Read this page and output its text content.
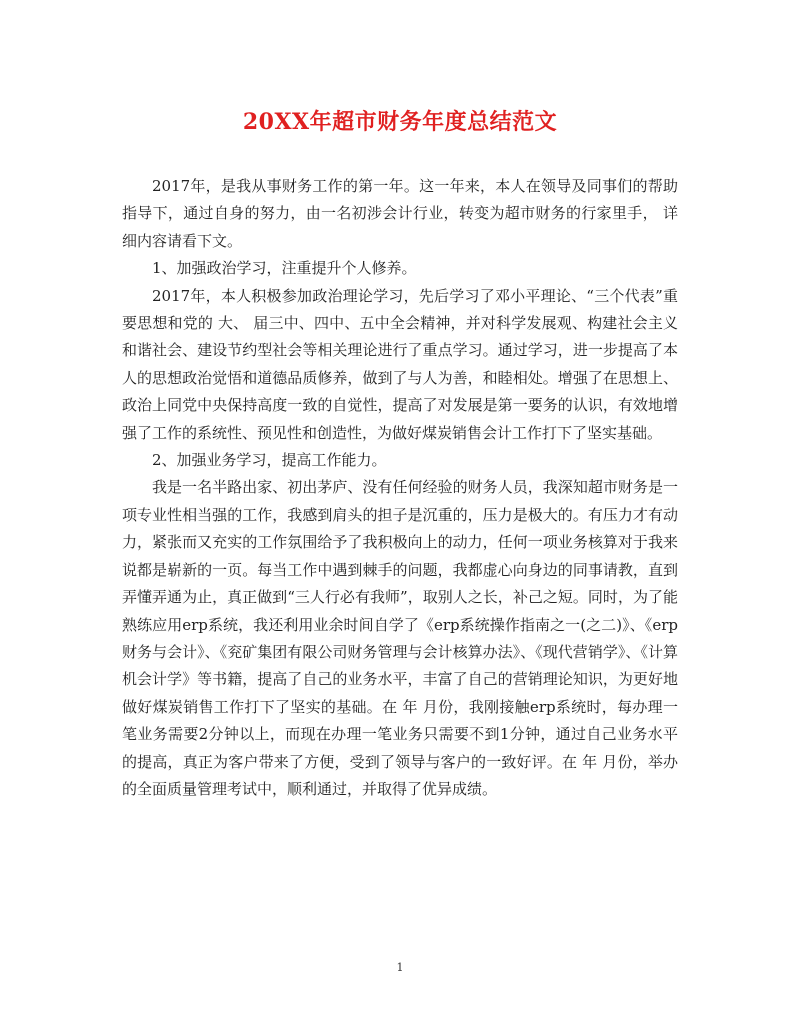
20XX年超市财务年度总结范文

2017年，是我从事财务工作的第一年。这一年来，本人在领导及同事们的帮助指导下，通过自身的努力，由一名初涉会计行业，转变为超市财务的行家里手， 详细内容请看下文。

1、加强政治学习，注重提升个人修养。

2017年，本人积极参加政治理论学习，先后学习了邓小平理论、“三个代表”重要思想和党的 大、 届三中、四中、五中全会精神，并对科学发展观、构建社会主义和谐社会、建设节约型社会等相关理论进行了重点学习。通过学习，进一步提高了本人的思想政治觉悟和道德品质修养，做到了与人为善，和睦相处。增强了在思想上、政治上同党中央保持高度一致的自觉性，提高了对发展是第一要务的认识，有效地增强了工作的系统性、预见性和创造性，为做好煤炭销售会计工作打下了坚实基础。

2、加强业务学习，提高工作能力。

我是一名半路出家、初出茅庐、没有任何经验的财务人员，我深知超市财务是一项专业性相当强的工作，我感到肩头的担子是沉重的，压力是极大的。有压力才有动力，紧张而又充实的工作氛围给予了我积极向上的动力，任何一项业务核算对于我来说都是崭新的一页。每当工作中遇到棘手的问题，我都虚心向身边的同事请教，直到弄懂弄通为止，真正做到“三人行必有我师”，取别人之长，补己之短。同时，为了能熟练应用erp系统，我还利用业余时间自学了《erp系统操作指南之一(之二)》、《erp财务与会计》、《兖矿集团有限公司财务管理与会计核算办法》、《现代营销学》、《计算机会计学》等书籍，提高了自己的业务水平，丰富了自己的营销理论知识，为更好地做好煤炭销售工作打下了坚实的基础。在 年 月份，我刚接触erp系统时，每办理一笔业务需要2分钟以上，而现在办理一笔业务只需要不到1分钟，通过自己业务水平的提高，真正为客户带来了方便，受到了领导与客户的一致好评。在 年 月份，举办的全面质量管理考试中，顺利通过，并取得了优异成绩。

1
